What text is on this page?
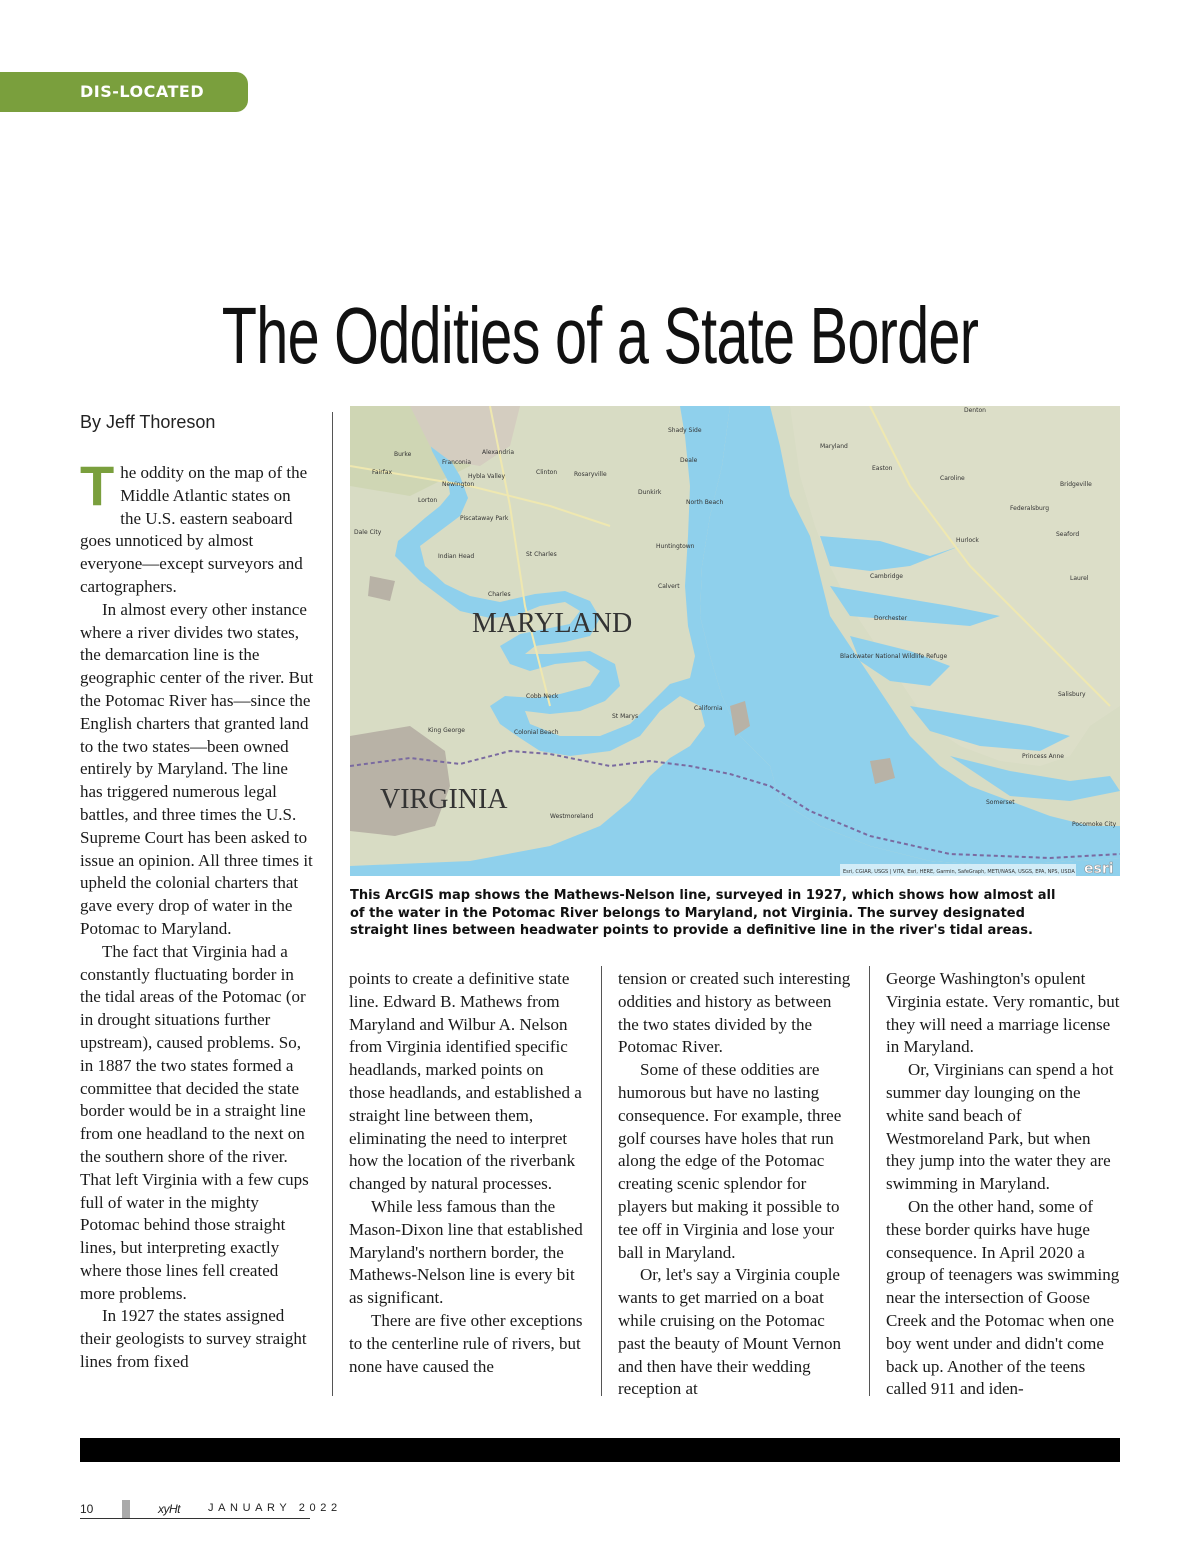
DIS-LOCATED
The Oddities of a State Border
By Jeff Thoreson

The oddity on the map of the Middle Atlantic states on the U.S. eastern seaboard goes unnoticed by almost everyone—except surveyors and cartographers.

In almost every other instance where a river divides two states, the demarcation line is the geographic center of the river. But the Potomac River has—since the English charters that granted land to the two states—been owned entirely by Maryland. The line has triggered numerous legal battles, and three times the U.S. Supreme Court has been asked to issue an opinion. All three times it upheld the colonial charters that gave every drop of water in the Potomac to Maryland.

The fact that Virginia had a constantly fluctuating border in the tidal areas of the Potomac (or in drought situations further upstream), caused problems. So, in 1887 the two states formed a committee that decided the state border would be in a straight line from one headland to the next on the southern shore of the river. That left Virginia with a few cups full of water in the mighty Potomac behind those straight lines, but interpreting exactly where those lines fell created more problems.

In 1927 the states assigned their geologists to survey straight lines from fixed

MARYLAND
VIRGINIA
Alexandria
Franconia
Burke
Fairfax
Hybla Valley
Newington
Lorton
Clinton	Rosaryville
Shady Side
Deale
Dunkirk
North Beach
Huntingtown
St Charles
Indian Head
Charles
Calvert
Maryland
Easton
Caroline
Federalsburg
Cambridge
Dorchester
Blackwater National Wildlife Refuge
California
St Marys
Colonial Beach
King George
Westmoreland
Salisbury
Princess Anne
Somerset
Pocomoke City
Seaford
Laurel
Bridgeville
Denton
Hurlock
Cobb Neck
Dale City
Piscataway Park
Esri, CGIAR, USGS | VITA, Esri, HERE, Garmin, SafeGraph, METI/NASA, USGS, EPA, NPS, USDA esri
This ArcGIS map shows the Mathews-Nelson line, surveyed in 1927, which shows how almost all of the water in the Potomac River belongs to Maryland, not Virginia. The survey designated straight lines between headwater points to provide a definitive line in the river's tidal areas.

points to create a definitive state line. Edward B. Mathews from Maryland and Wilbur A. Nelson from Virginia identified specific headlands, marked points on those headlands, and established a straight line between them, eliminating the need to interpret how the location of the riverbank changed by natural processes.

While less famous than the Mason-Dixon line that established Maryland's northern border, the Mathews-Nelson line is every bit as significant.

There are five other exceptions to the centerline rule of rivers, but none have caused the

tension or created such interesting oddities and history as between the two states divided by the Potomac River.

Some of these oddities are humorous but have no lasting consequence. For example, three golf courses have holes that run along the edge of the Potomac creating scenic splendor for players but making it possible to tee off in Virginia and lose your ball in Maryland.

Or, let's say a Virginia couple wants to get married on a boat while cruising on the Potomac past the beauty of Mount Vernon and then have their wedding reception at

George Washington's opulent Virginia estate. Very romantic, but they will need a marriage license in Maryland.

Or, Virginians can spend a hot summer day lounging on the white sand beach of Westmoreland Park, but when they jump into the water they are swimming in Maryland.

On the other hand, some of these border quirks have huge consequence. In April 2020 a group of teenagers was swimming near the intersection of Goose Creek and the Potomac when one boy went under and didn't come back up. Another of the teens called 911 and iden-

10	xyHt	JANUARY 2022
